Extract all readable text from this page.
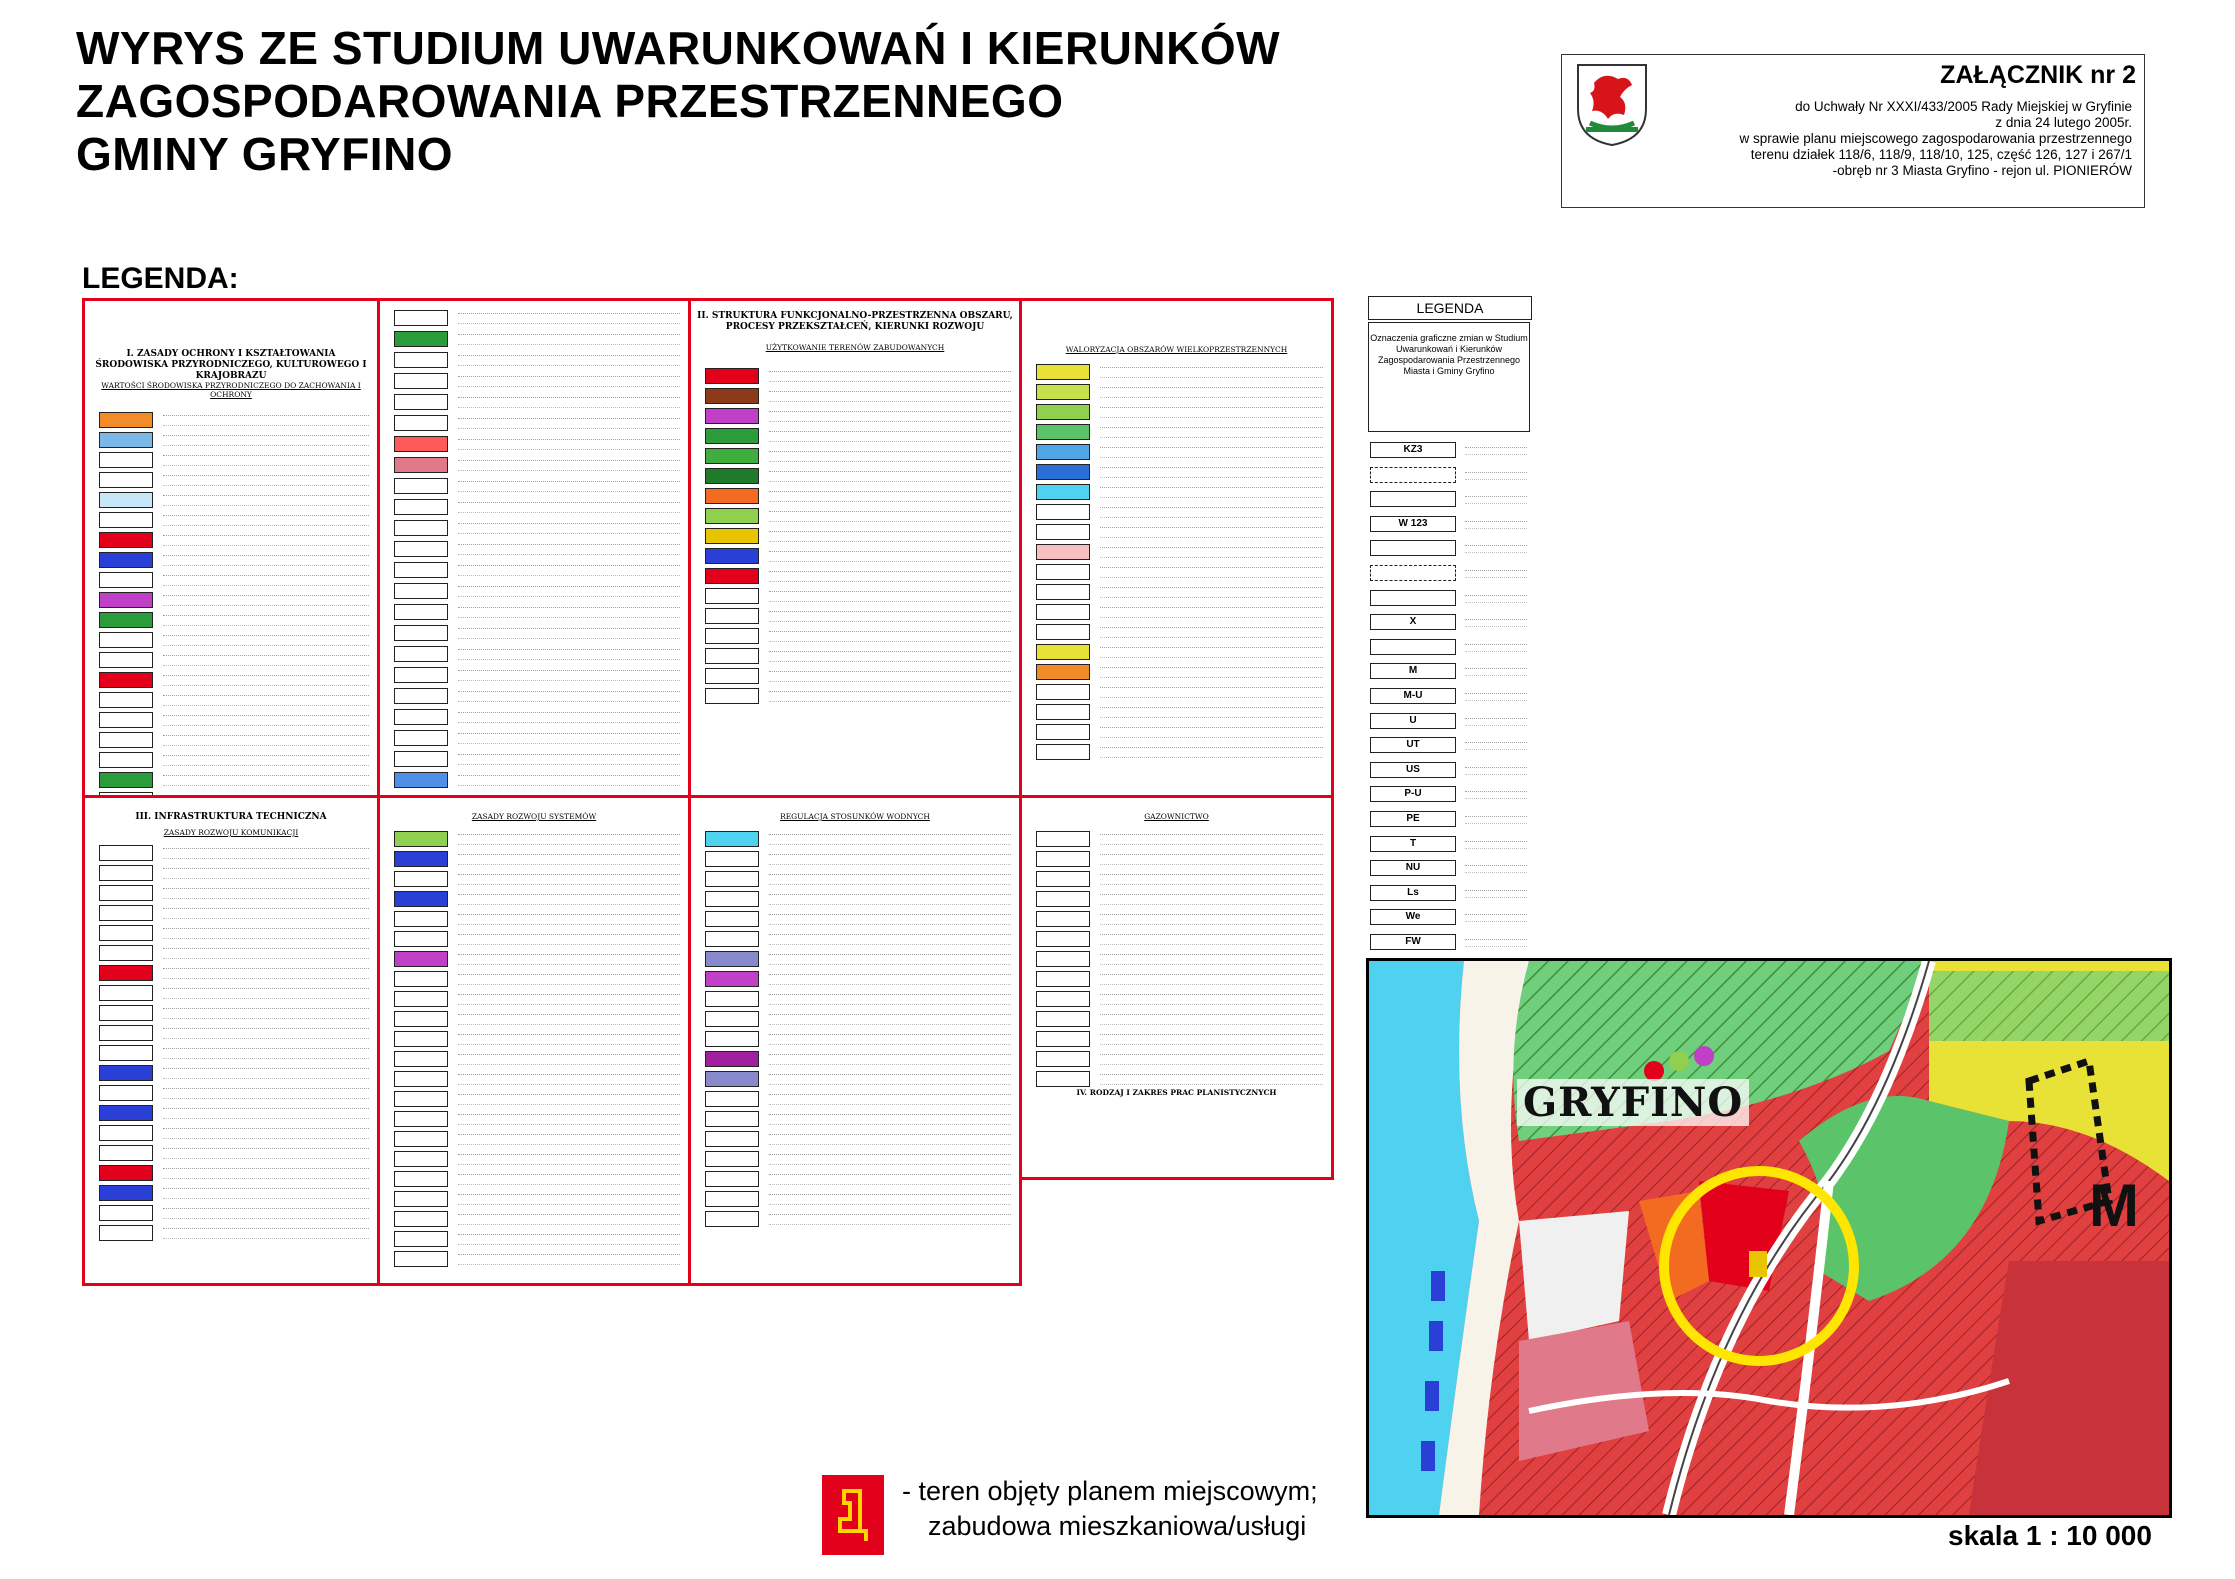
WYRYS ZE STUDIUM UWARUNKOWAŃ I KIERUNKÓW
ZAGOSPODAROWANIA PRZESTRZENNEGO
GMINY GRYFINO
ZAŁĄCZNIK nr 2
do Uchwały Nr XXXI/433/2005 Rady Miejskiej w Gryfinie
z dnia 24 lutego 2005r.
w sprawie planu miejscowego zagospodarowania przestrzennego
terenu działek 118/6, 118/9, 118/10, 125, część 126, 127 i 267/1
-obręb nr 3 Miasta Gryfino - rejon ul. PIONIERÓW
LEGENDA:
I. ZASADY OCHRONY I KSZTAŁTOWANIA ŚRODOWISKA PRZYRODNICZEGO, KULTUROWEGO I KRAJOBRAZU
WARTOŚCI ŚRODOWISKA PRZYRODNICZEGO DO ZACHOWANIA I OCHRONY
II. STRUKTURA FUNKCJONALNO-PRZESTRZENNA OBSZARU, PROCESY PRZEKSZTAŁCEŃ, KIERUNKI ROZWOJU
UŻYTKOWANIE TERENÓW ZABUDOWANYCH	WALORYZACJA OBSZARÓW WIELKOPRZESTRZENNYCH
III. INFRASTRUKTURA TECHNICZNA
ZASADY ROZWOJU KOMUNIKACJI
ZASADY ROZWOJU SYSTEMÓW	REGULACJA STOSUNKÓW WODNYCH	GAZOWNICTWO
IV. RODZAJ I ZAKRES PRAC PLANISTYCZNYCH
LEGENDA
Oznaczenia graficzne zmian w Studium Uwarunkowań i Kierunków Zagospodarowania Przestrzennego Miasta i Gminy Gryfino
KZ3
W 123
X
M
M-U
U
UT
US
P-U
PE
T
NU
Ls
We
FW
GRYFINO
M
- teren objęty planem miejscowym;
zabudowa mieszkaniowa/usługi	skala 1 : 10 000
